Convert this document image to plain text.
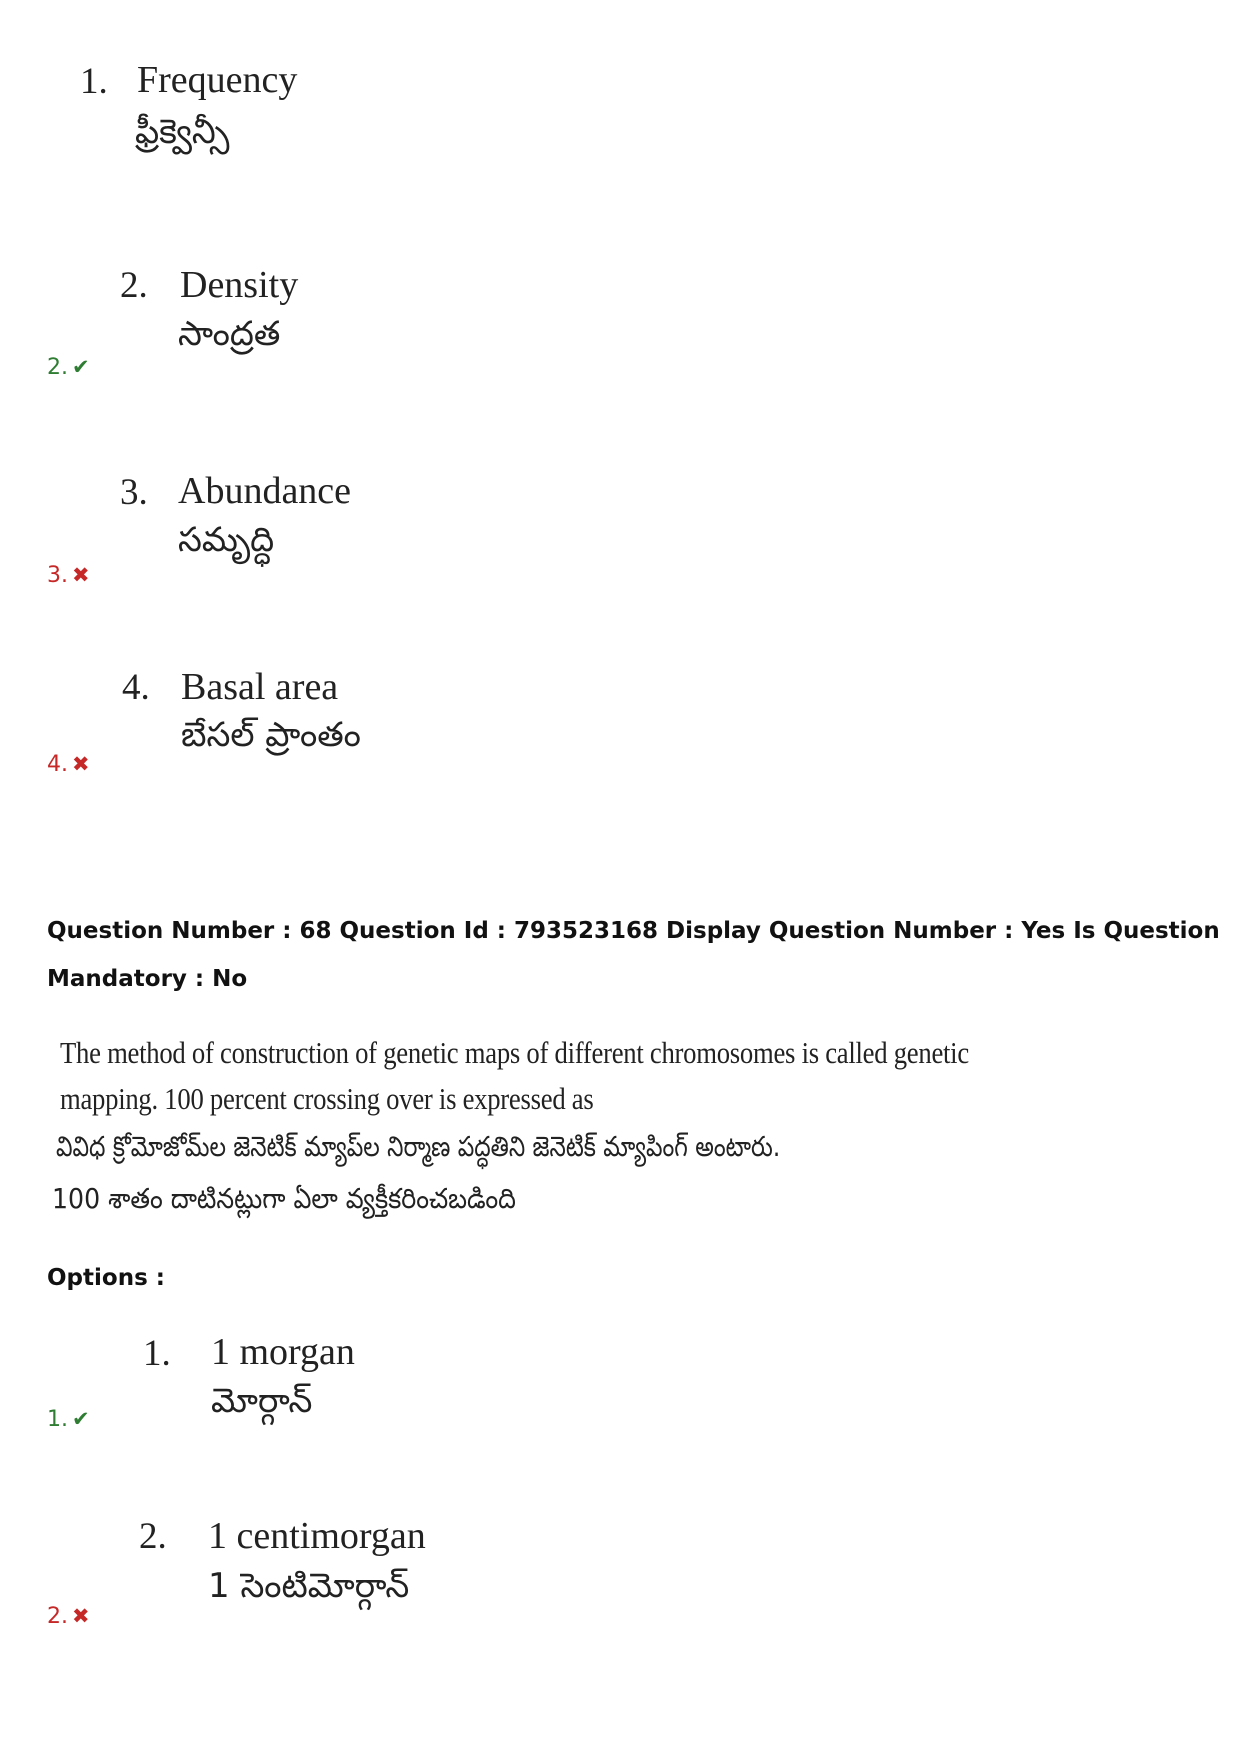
1. Frequency
ఫ్రీక్వెన్సీ
2. Density
సాంద్రత
2. ✔
3. Abundance
సమృద్ధి
3. ✖
4. Basal area
బేసల్ ప్రాంతం
4. ✖
Question Number : 68 Question Id : 793523168 Display Question Number : Yes Is Question
Mandatory : No
The method of construction of genetic maps of different chromosomes is called genetic
mapping. 100 percent crossing over is expressed as
వివిధ క్రోమోజోమ్‌ల జెనెటిక్ మ్యాప్‌ల నిర్మాణ పద్ధతిని జెనెటిక్ మ్యాపింగ్ అంటారు.
100 శాతం దాటినట్లుగా ఏలా వ్యక్తీకరించబడింది
Options :
1. 1 morgan
మోర్గాన్
1. ✔
2. 1 centimorgan
1 సెంటిమోర్గాన్
2. ✖
